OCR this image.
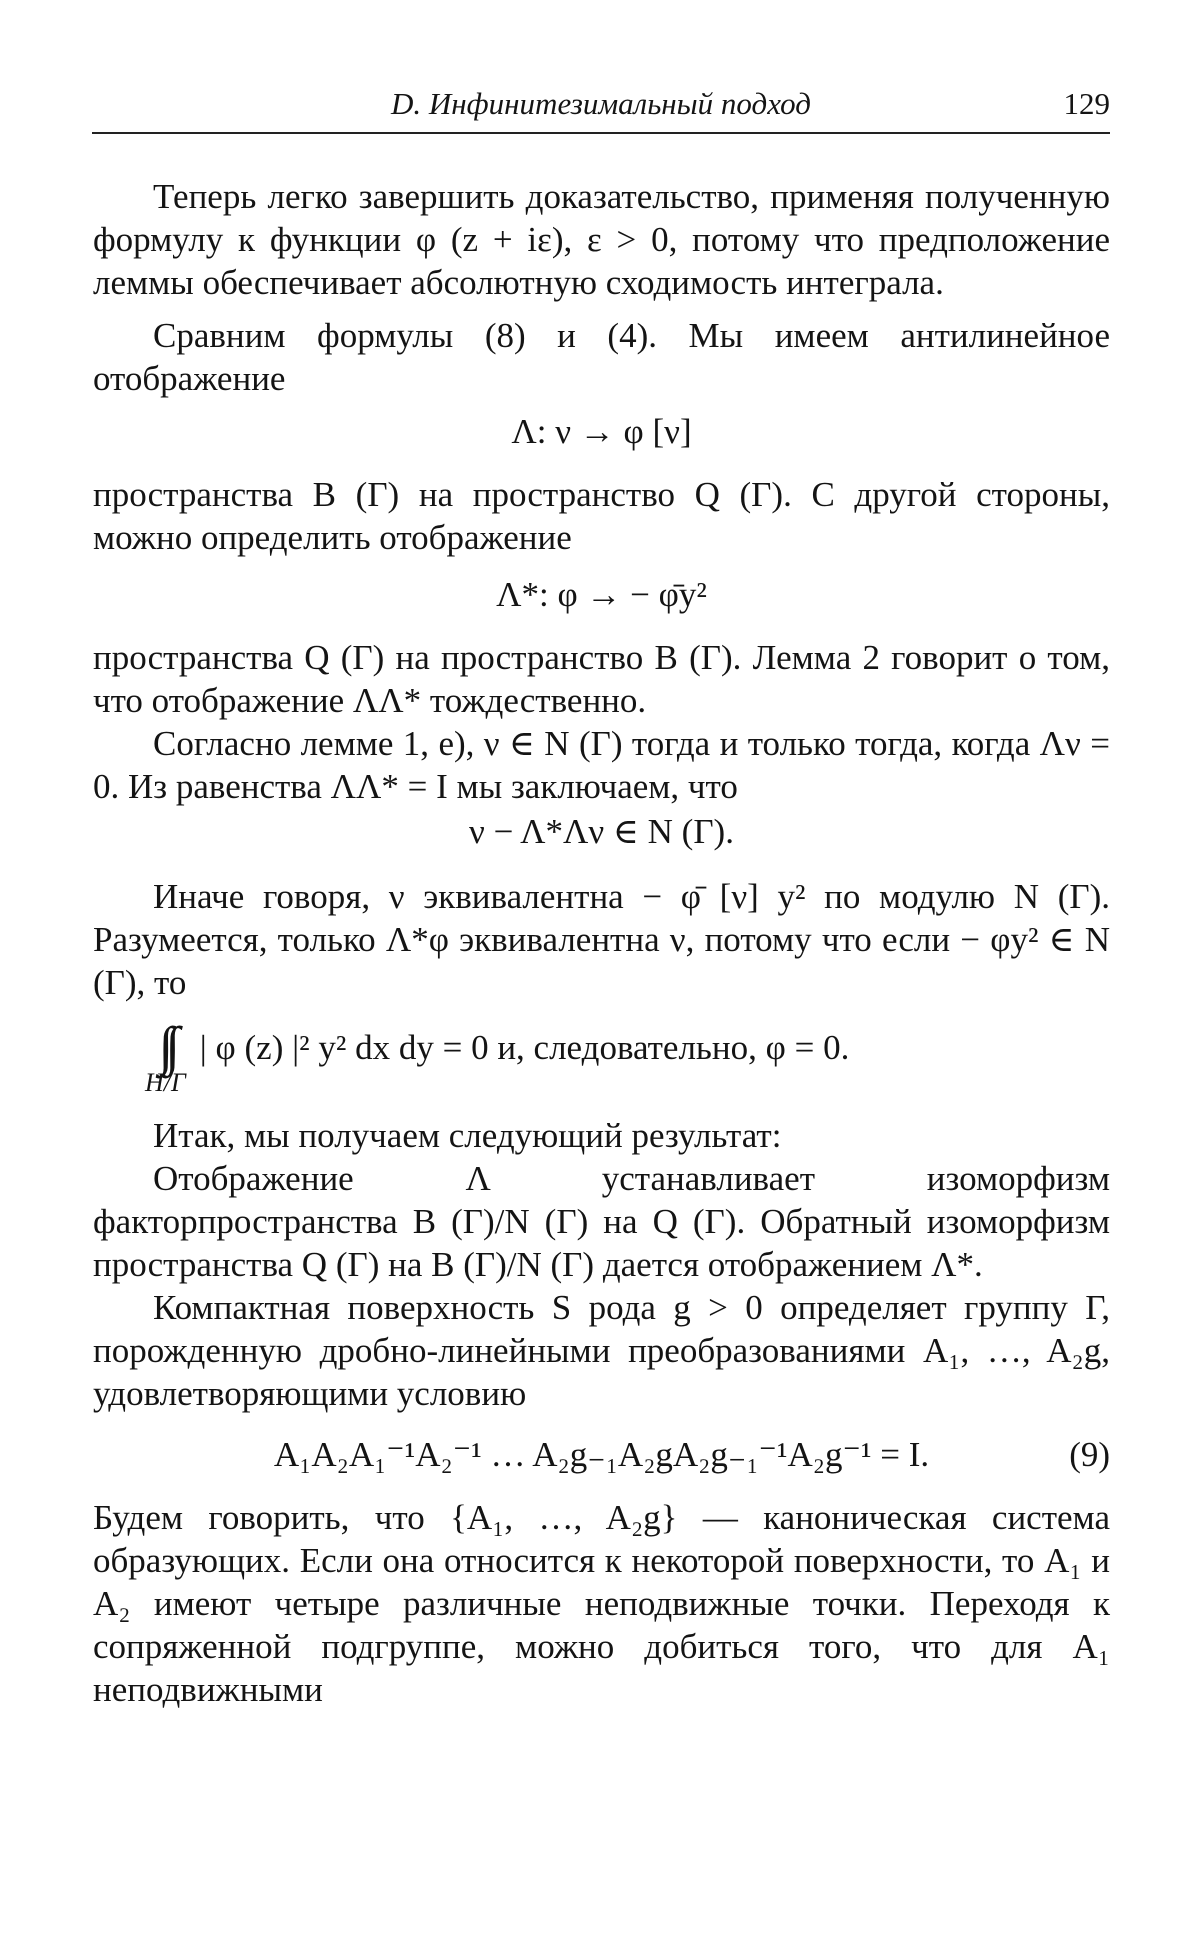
D. Инфинитезимальный подход	129

Теперь легко завершить доказательство, применяя полученную формулу к функции φ (z + iε), ε > 0, потому что предположение леммы обеспечивает абсолютную сходимость интеграла.

Сравним формулы (8) и (4). Мы имеем антилинейное отображение

Λ: ν → φ [ν]

пространства B (Γ) на пространство Q (Γ). С другой стороны, можно определить отображение

Λ*: φ → − φ̄y²

пространства Q (Γ) на пространство B (Γ). Лемма 2 говорит о том, что отображение ΛΛ* тождественно.

Согласно лемме 1, е), ν ∈ N (Γ) тогда и только тогда, когда Λν = 0. Из равенства ΛΛ* = I мы заключаем, что

ν − Λ*Λν ∈ N (Γ).

Иначе говоря, ν эквивалентна − φ̄ [ν] y² по модулю N (Γ). Разумеется, только Λ*φ эквивалентна ν, потому что если − φy² ∈ N (Γ), то

∫∫
H/Γ
| φ (z) |² y² dx dy = 0 и, следовательно, φ = 0.

Итак, мы получаем следующий результат:

Отображение Λ устанавливает изоморфизм факторпространства B (Γ)/N (Γ) на Q (Γ). Обратный изоморфизм пространства Q (Γ) на B (Γ)/N (Γ) дается отображением Λ*.

Компактная поверхность S рода g > 0 определяет группу Γ, порожденную дробно-линейными преобразованиями A₁, …, A₂g, удовлетворяющими условию

A₁A₂A₁⁻¹A₂⁻¹ … A₂g₋₁A₂gA₂g₋₁⁻¹A₂g⁻¹ = I.	(9)

Будем говорить, что {A₁, …, A₂g} — каноническая система образующих. Если она относится к некоторой поверхности, то A₁ и A₂ имеют четыре различные неподвижные точки. Переходя к сопряженной подгруппе, можно добиться того, что для A₁ неподвижными
